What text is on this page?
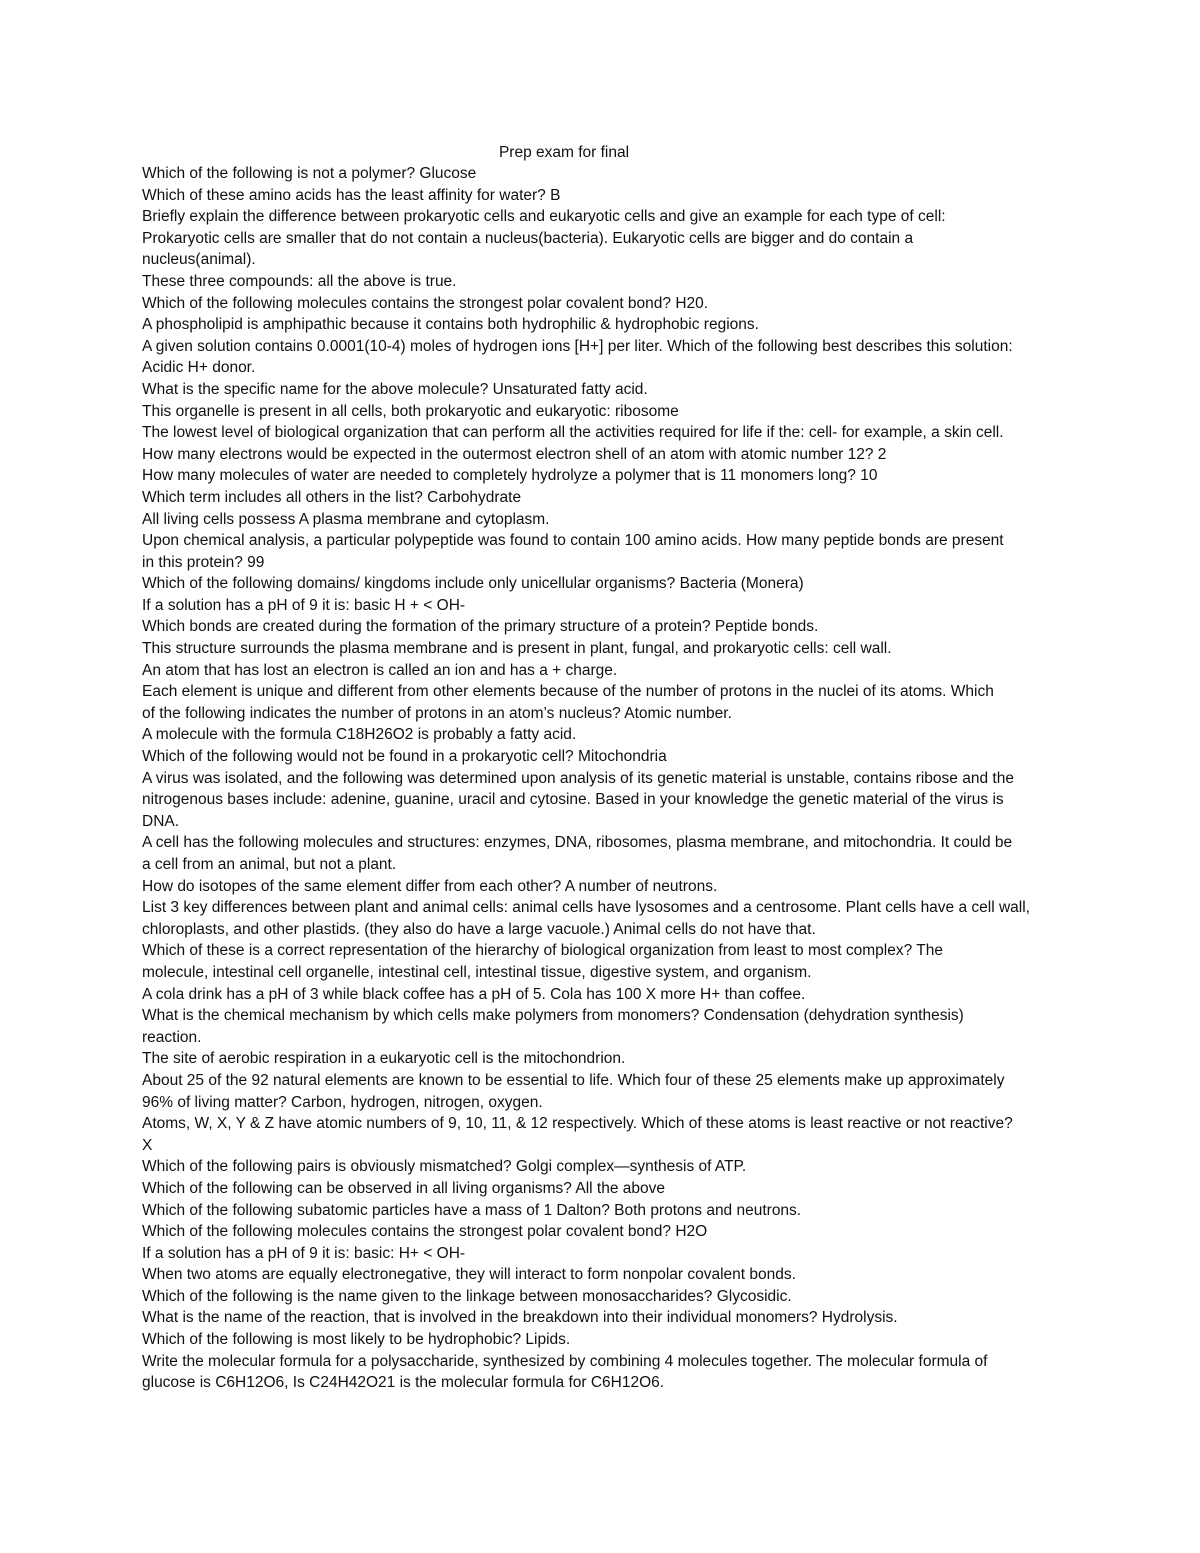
Prep exam for final
Which of the following is not a polymer? Glucose
Which of these amino acids has the least affinity for water? B
Briefly explain the difference between prokaryotic cells and eukaryotic cells and give an example for each type of cell:
Prokaryotic cells are smaller that do not contain a nucleus(bacteria). Eukaryotic cells are bigger and do contain a
nucleus(animal).
These three compounds: all the above is true.
Which of the following molecules contains the strongest polar covalent bond? H20.
A phospholipid is amphipathic because it contains both hydrophilic & hydrophobic regions.
A given solution contains 0.0001(10-4) moles of hydrogen ions [H+] per liter. Which of the following best describes this solution:
Acidic H+ donor.
What is the specific name for the above molecule? Unsaturated fatty acid.
This organelle is present in all cells, both prokaryotic and eukaryotic: ribosome
The lowest level of biological organization that can perform all the activities required for life if the: cell- for example, a skin cell.
How many electrons would be expected in the outermost electron shell of an atom with atomic number 12? 2
How many molecules of water are needed to completely hydrolyze a polymer that is 11 monomers long? 10
Which term includes all others in the list? Carbohydrate
All living cells possess A plasma membrane and cytoplasm.
Upon chemical analysis, a particular polypeptide was found to contain 100 amino acids. How many peptide bonds are present
in this protein? 99
Which of the following domains/ kingdoms include only unicellular organisms? Bacteria (Monera)
If a solution has a pH of 9 it is: basic H + < OH-
Which bonds are created during the formation of the primary structure of a protein? Peptide bonds.
This structure surrounds the plasma membrane and is present in plant, fungal, and prokaryotic cells: cell wall.
An atom that has lost an electron is called an ion and has a + charge.
Each element is unique and different from other elements because of the number of protons in the nuclei of its atoms. Which
of the following indicates the number of protons in an atom’s nucleus? Atomic number.
A molecule with the formula C18H26O2 is probably a fatty acid.
Which of the following would not be found in a prokaryotic cell? Mitochondria
A virus was isolated, and the following was determined upon analysis of its genetic material is unstable, contains ribose and the
nitrogenous bases include: adenine, guanine, uracil and cytosine. Based in your knowledge the genetic material of the virus is
DNA.
A cell has the following molecules and structures: enzymes, DNA, ribosomes, plasma membrane, and mitochondria. It could be
a cell from an animal, but not a plant.
How do isotopes of the same element differ from each other? A number of neutrons.
List 3 key differences between plant and animal cells: animal cells have lysosomes and a centrosome. Plant cells have a cell wall,
chloroplasts, and other plastids. (they also do have a large vacuole.) Animal cells do not have that.
Which of these is a correct representation of the hierarchy of biological organization from least to most complex? The
molecule, intestinal cell organelle, intestinal cell, intestinal tissue, digestive system, and organism.
A cola drink has a pH of 3 while black coffee has a pH of 5. Cola has 100 X more H+ than coffee.
What is the chemical mechanism by which cells make polymers from monomers? Condensation (dehydration synthesis)
reaction.
The site of aerobic respiration in a eukaryotic cell is the mitochondrion.
About 25 of the 92 natural elements are known to be essential to life. Which four of these 25 elements make up approximately
96% of living matter? Carbon, hydrogen, nitrogen, oxygen.
Atoms, W, X, Y & Z have atomic numbers of 9, 10, 11, & 12 respectively. Which of these atoms is least reactive or not reactive?
X
Which of the following pairs is obviously mismatched? Golgi complex—synthesis of ATP.
Which of the following can be observed in all living organisms? All the above
Which of the following subatomic particles have a mass of 1 Dalton? Both protons and neutrons.
Which of the following molecules contains the strongest polar covalent bond? H2O
If a solution has a pH of 9 it is: basic: H+ < OH-
When two atoms are equally electronegative, they will interact to form nonpolar covalent bonds.
Which of the following is the name given to the linkage between monosaccharides? Glycosidic.
What is the name of the reaction, that is involved in the breakdown into their individual monomers? Hydrolysis.
Which of the following is most likely to be hydrophobic? Lipids.
Write the molecular formula for a polysaccharide, synthesized by combining 4 molecules together. The molecular formula of
glucose is C6H12O6, Is C24H42O21 is the molecular formula for C6H12O6.
